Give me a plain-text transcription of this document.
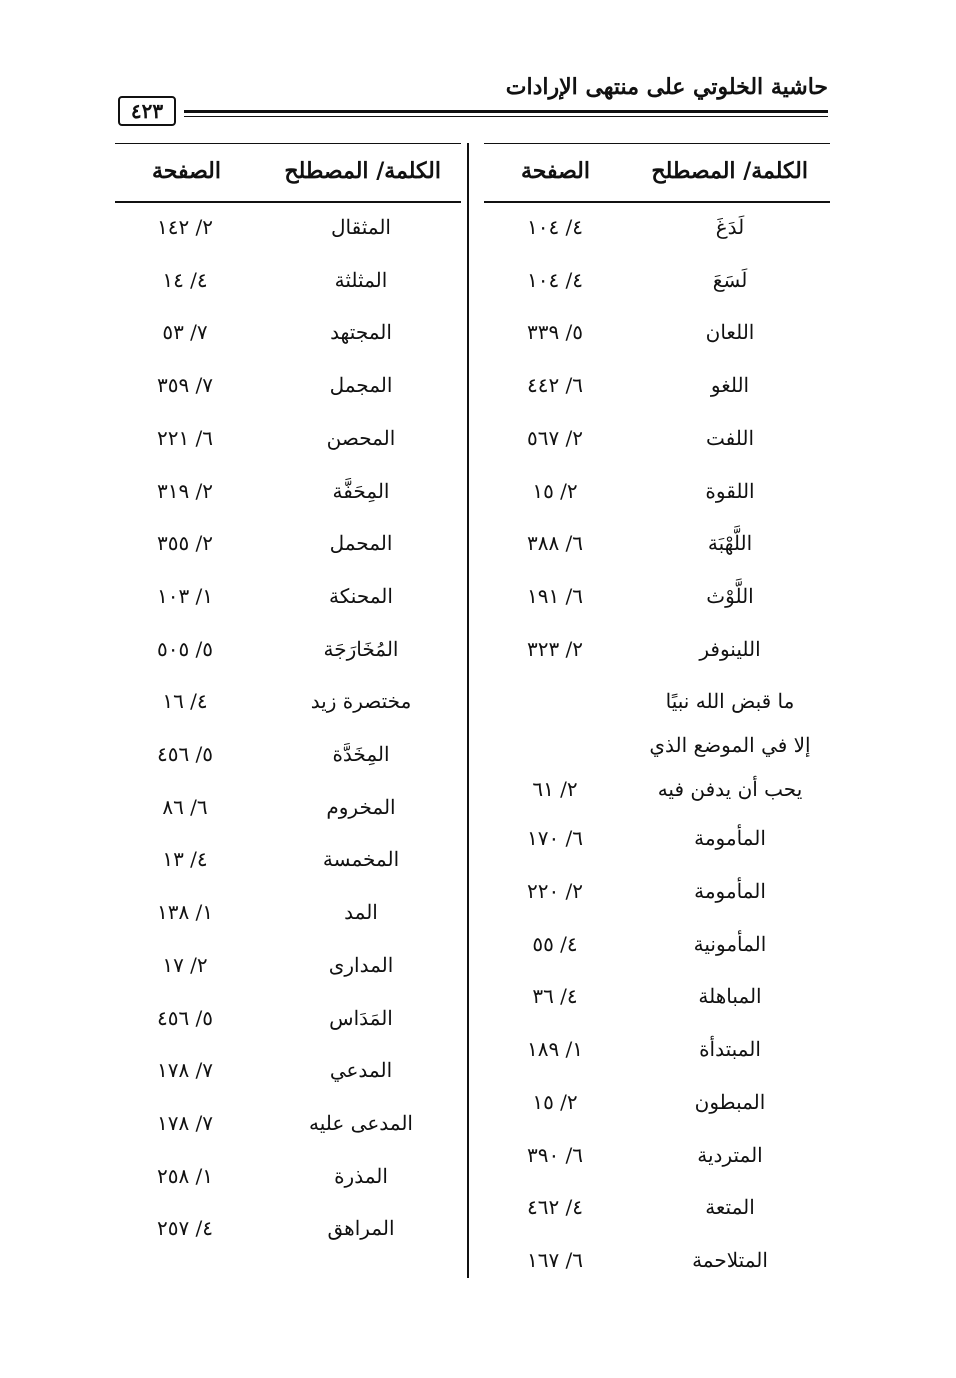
حاشية الخلوتي على منتهى الإرادات
٤٢٣
الكلمة/ المصطلح
الصفحة
لَدَغَ
٤/ ١٠٤
لَسَعَ
٤/ ١٠٤
اللعان
٥/ ٣٣٩
اللغو
٦/ ٤٤٢
اللفت
٢/ ٥٦٧
اللقوة
٢/ ١٥
اللَّهْبَة
٦/ ٣٨٨
اللَّوْث
٦/ ١٩١
اللينوفر
٢/ ٣٢٣
ما قبض الله نبيًا
إلا في الموضع الذي
يحب أن يدفن فيه
٢/ ٦١
المأمومة
٦/ ١٧٠
المأمومة
٢/ ٢٢٠
المأمونية
٤/ ٥٥
المباهلة
٤/ ٣٦
المبتدأة
١/ ١٨٩
المبطون
٢/ ١٥
المتردية
٦/ ٣٩٠
المتعة
٤/ ٤٦٢
المتلاحمة
٦/ ١٦٧
الكلمة/ المصطلح
الصفحة
المثقال
٢/ ١٤٢
المثلثة
٤/ ١٤
المجتهد
٧/ ٥٣
المجمل
٧/ ٣٥٩
المحصن
٦/ ٢٢١
المِحَفَّة
٢/ ٣١٩
المحمل
٢/ ٣٥٥
المحنكة
١/ ١٠٣
المُخَارَجَة
٥/ ٥٠٥
مختصرة زيد
٤/ ١٦
المِخَدَّة
٥/ ٤٥٦
المخروم
٦/ ٨٦
المخمسة
٤/ ١٣
المد
١/ ١٣٨
المدارى
٢/ ١٧
المَدَاس
٥/ ٤٥٦
المدعي
٧/ ١٧٨
المدعى عليه
٧/ ١٧٨
المذرة
١/ ٢٥٨
المراهق
٤/ ٢٥٧
